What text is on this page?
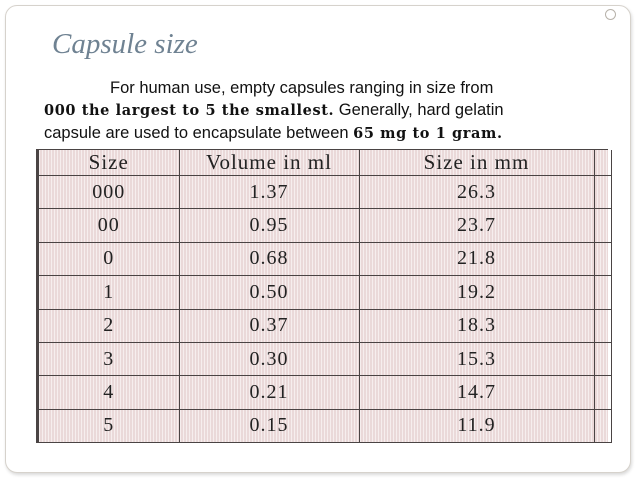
Capsule size
For human use, empty capsules ranging in size from
000 the largest to 5 the smallest. Generally, hard gelatin
capsule are used to encapsulate between 65 mg to 1 gram.
Size	Volume in ml	Size in mm	
000	1.37	26.3	
00	0.95	23.7	
0	0.68	21.8	
1	0.50	19.2	
2	0.37	18.3	
3	0.30	15.3	
4	0.21	14.7	
5	0.15	11.9	
